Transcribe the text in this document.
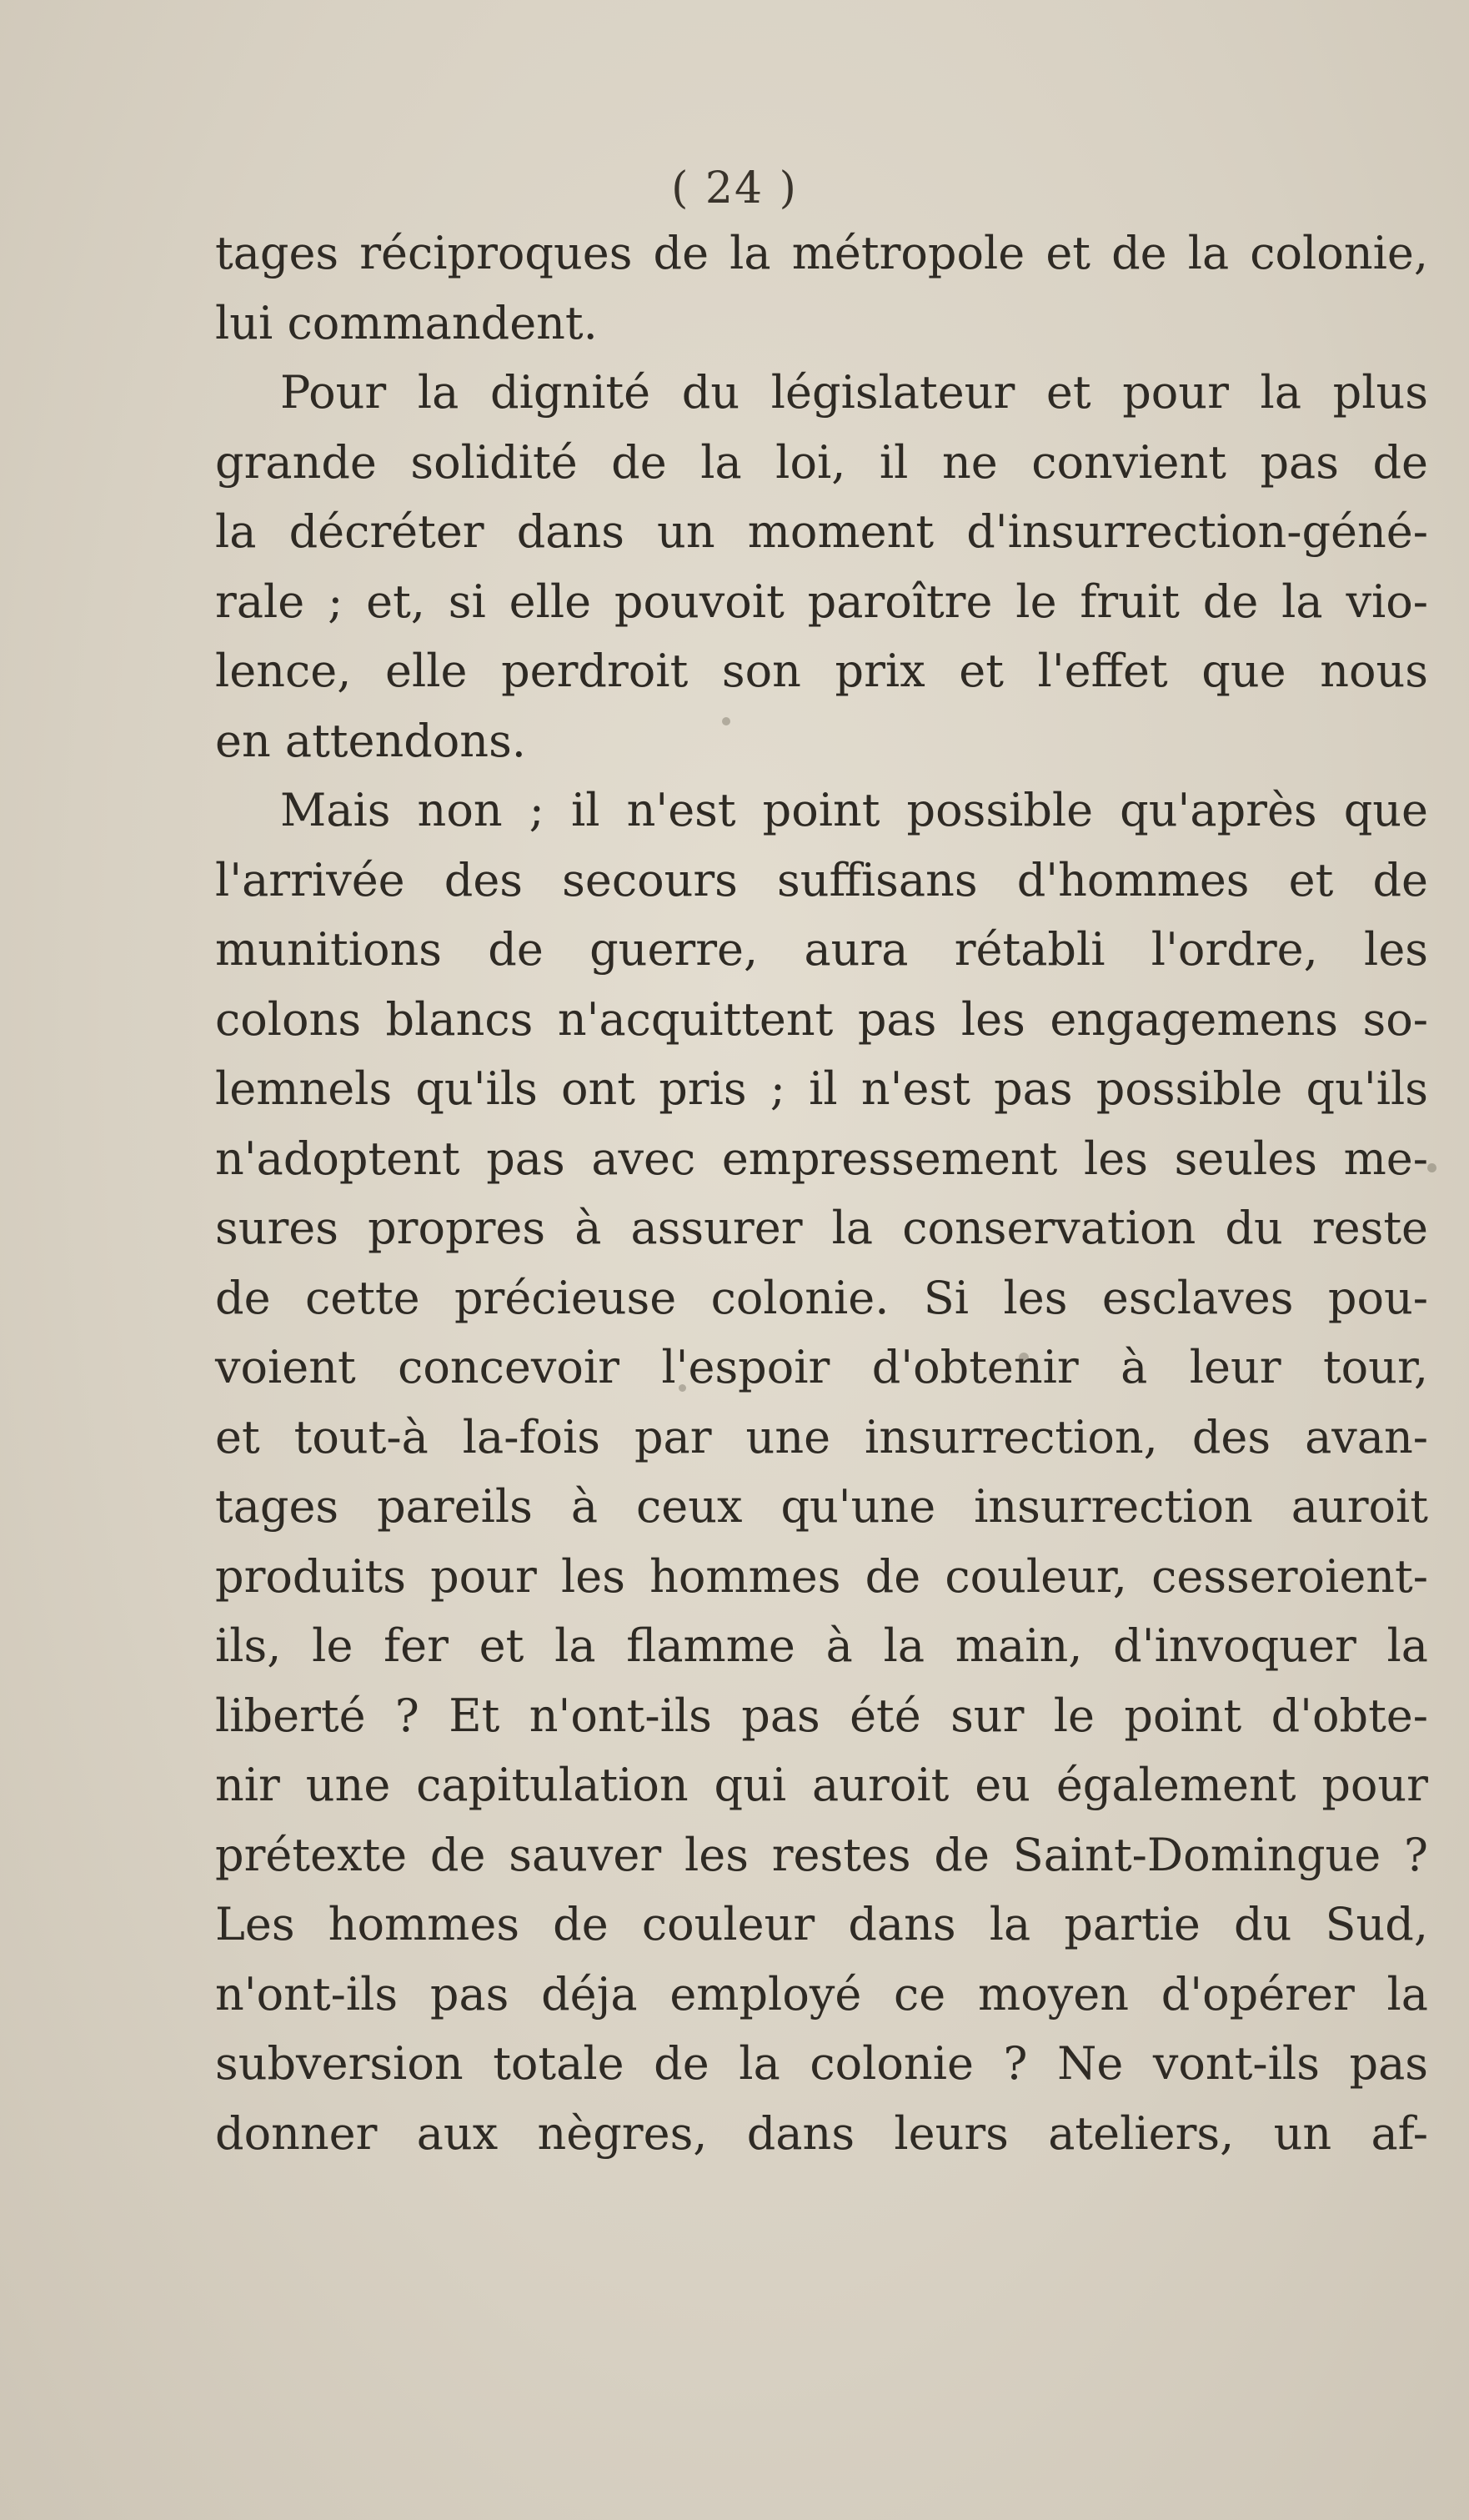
( 24 )
tages réciproques de la métropole et de la colonie,
lui commandent.
Pour la dignité du législateur et pour la plus
grande solidité de la loi, il ne convient pas de
la décréter dans un moment d'insurrection-géné-
rale ; et, si elle pouvoit paroître le fruit de la vio-
lence, elle perdroit son prix et l'effet que nous
en attendons.
Mais non ; il n'est point possible qu'après que
l'arrivée des secours suffisans d'hommes et de
munitions de guerre, aura rétabli l'ordre, les
colons blancs n'acquittent pas les engagemens so-
lemnels qu'ils ont pris ; il n'est pas possible qu'ils
n'adoptent pas avec empressement les seules me-
sures propres à assurer la conservation du reste
de cette précieuse colonie. Si les esclaves pou-
voient concevoir l'espoir d'obtenir à leur tour,
et tout-à la-fois par une insurrection, des avan-
tages pareils à ceux qu'une insurrection auroit
produits pour les hommes de couleur, cesseroient-
ils, le fer et la flamme à la main, d'invoquer la
liberté ? Et n'ont-ils pas été sur le point d'obte-
nir une capitulation qui auroit eu également pour
prétexte de sauver les restes de Saint-Domingue ?
Les hommes de couleur dans la partie du Sud,
n'ont-ils pas déja employé ce moyen d'opérer la
subversion totale de la colonie ? Ne vont-ils pas
donner aux nègres, dans leurs ateliers, un af-
